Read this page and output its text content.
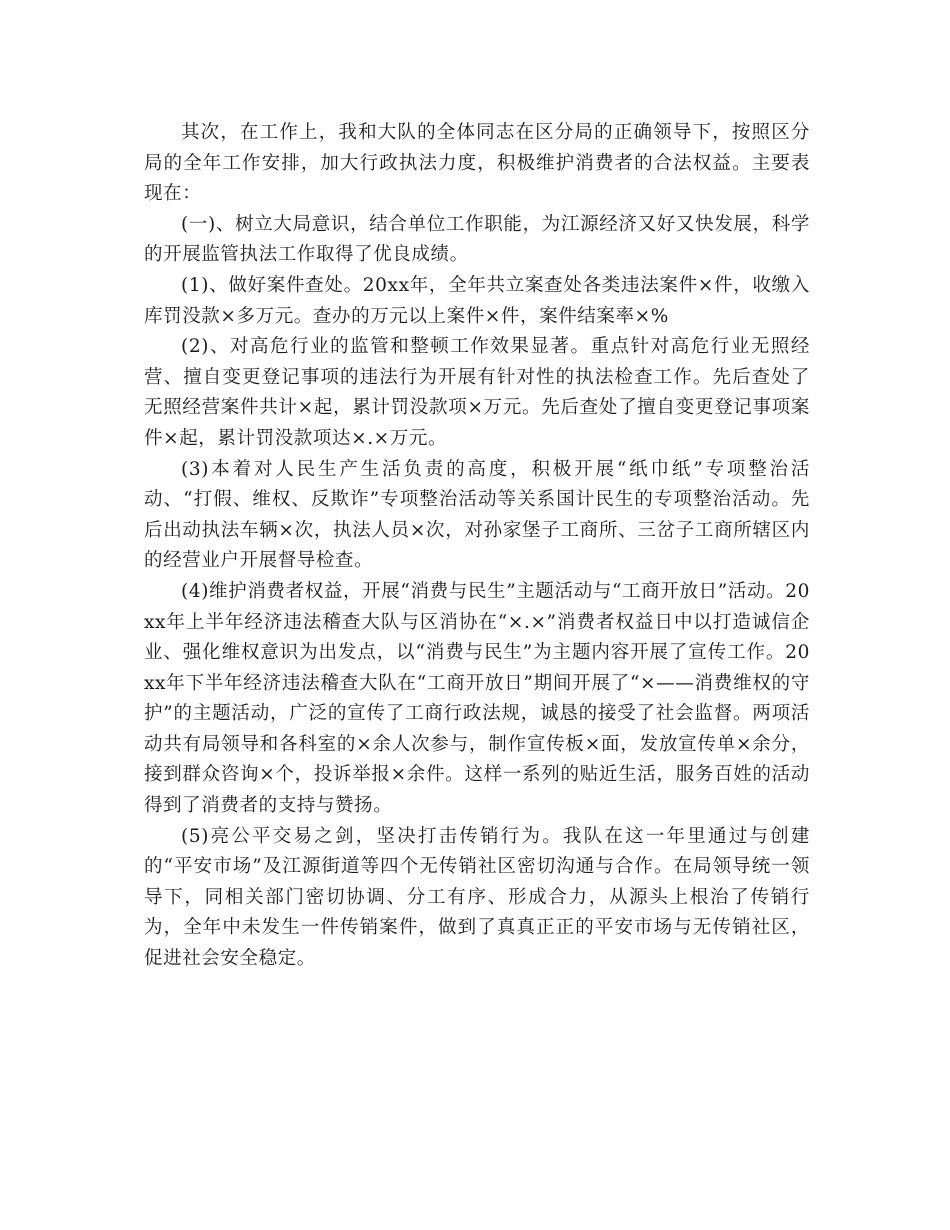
其次，在工作上，我和大队的全体同志在区分局的正确领导下，按照区分局的全年工作安排，加大行政执法力度，积极维护消费者的合法权益。主要表现在：

(一)、树立大局意识，结合单位工作职能，为江源经济又好又快发展，科学的开展监管执法工作取得了优良成绩。

(1)、做好案件查处。20xx年，全年共立案查处各类违法案件×件，收缴入库罚没款×多万元。查办的万元以上案件×件，案件结案率×%

(2)、对高危行业的监管和整顿工作效果显著。重点针对高危行业无照经营、擅自变更登记事项的违法行为开展有针对性的执法检查工作。先后查处了无照经营案件共计×起，累计罚没款项×万元。先后查处了擅自变更登记事项案件×起，累计罚没款项达×.×万元。

(3)本着对人民生产生活负责的高度，积极开展“纸巾纸”专项整治活动、“打假、维权、反欺诈”专项整治活动等关系国计民生的专项整治活动。先后出动执法车辆×次，执法人员×次，对孙家堡子工商所、三岔子工商所辖区内的经营业户开展督导检查。

(4)维护消费者权益，开展“消费与民生”主题活动与“工商开放日”活动。20xx年上半年经济违法稽查大队与区消协在“×.×”消费者权益日中以打造诚信企业、强化维权意识为出发点，以“消费与民生”为主题内容开展了宣传工作。20xx年下半年经济违法稽查大队在“工商开放日”期间开展了“×——消费维权的守护”的主题活动，广泛的宣传了工商行政法规，诚恳的接受了社会监督。两项活动共有局领导和各科室的×余人次参与，制作宣传板×面，发放宣传单×余分，接到群众咨询×个，投诉举报×余件。这样一系列的贴近生活，服务百姓的活动得到了消费者的支持与赞扬。

(5)亮公平交易之剑，坚决打击传销行为。我队在这一年里通过与创建的“平安市场”及江源街道等四个无传销社区密切沟通与合作。在局领导统一领导下，同相关部门密切协调、分工有序、形成合力，从源头上根治了传销行为，全年中未发生一件传销案件，做到了真真正正的平安市场与无传销社区，促进社会安全稳定。
